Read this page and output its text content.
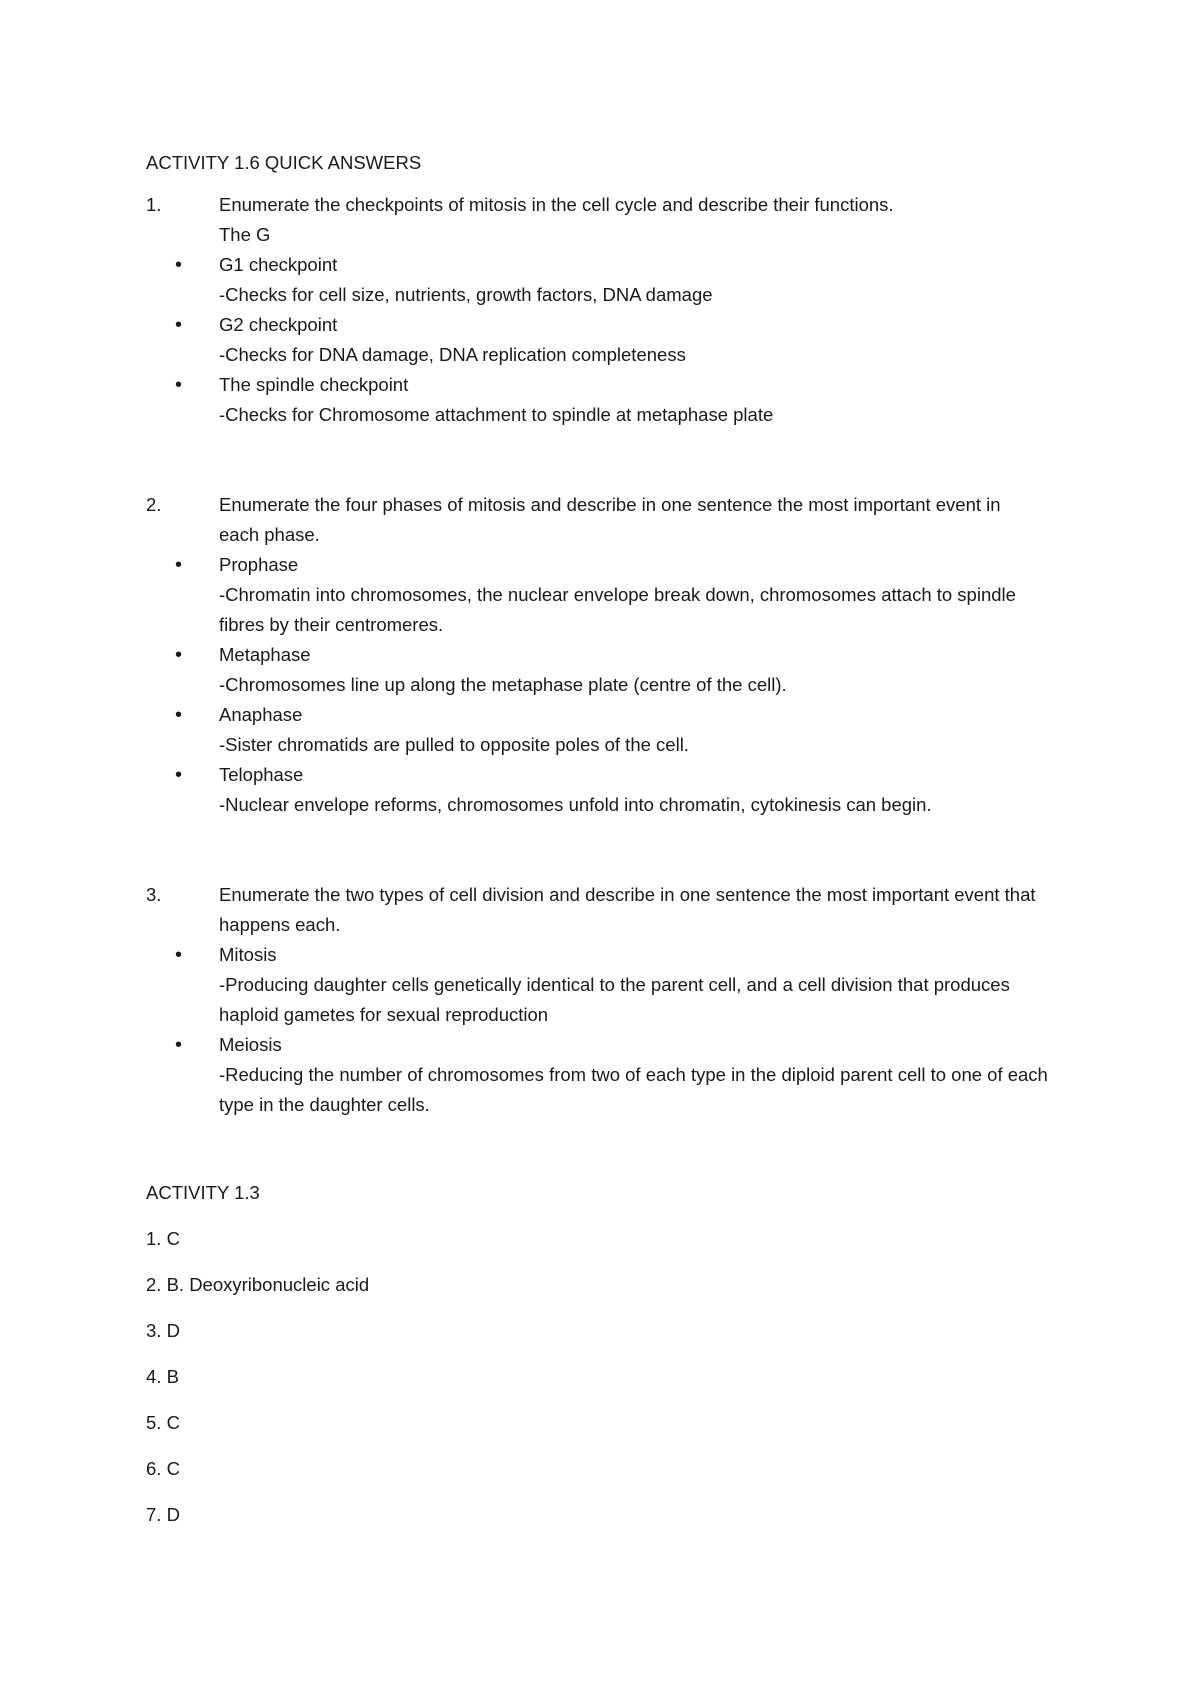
ACTIVITY 1.6 QUICK ANSWERS
1.	Enumerate the checkpoints of mitosis in the cell cycle and describe their functions.

The G
• G1 checkpoint
-Checks for cell size, nutrients, growth factors, DNA damage
• G2 checkpoint
-Checks for DNA damage, DNA replication completeness
• The spindle checkpoint
-Checks for Chromosome attachment to spindle at metaphase plate
2.	Enumerate the four phases of mitosis and describe in one sentence the most important event in each phase.

• Prophase
-Chromatin into chromosomes, the nuclear envelope break down, chromosomes attach to spindle fibres by their centromeres.
• Metaphase
-Chromosomes line up along the metaphase plate (centre of the cell).
• Anaphase
-Sister chromatids are pulled to opposite poles of the cell.
• Telophase
-Nuclear envelope reforms, chromosomes unfold into chromatin, cytokinesis can begin.
3.	Enumerate the two types of cell division and describe in one sentence the most important event that happens each.

• Mitosis
-Producing daughter cells genetically identical to the parent cell, and a cell division that produces haploid gametes for sexual reproduction
• Meiosis
-Reducing the number of chromosomes from two of each type in the diploid parent cell to one of each type in the daughter cells.
ACTIVITY 1.3
1. C
2. B. Deoxyribonucleic acid
3. D
4. B
5. C
6. C
7. D
